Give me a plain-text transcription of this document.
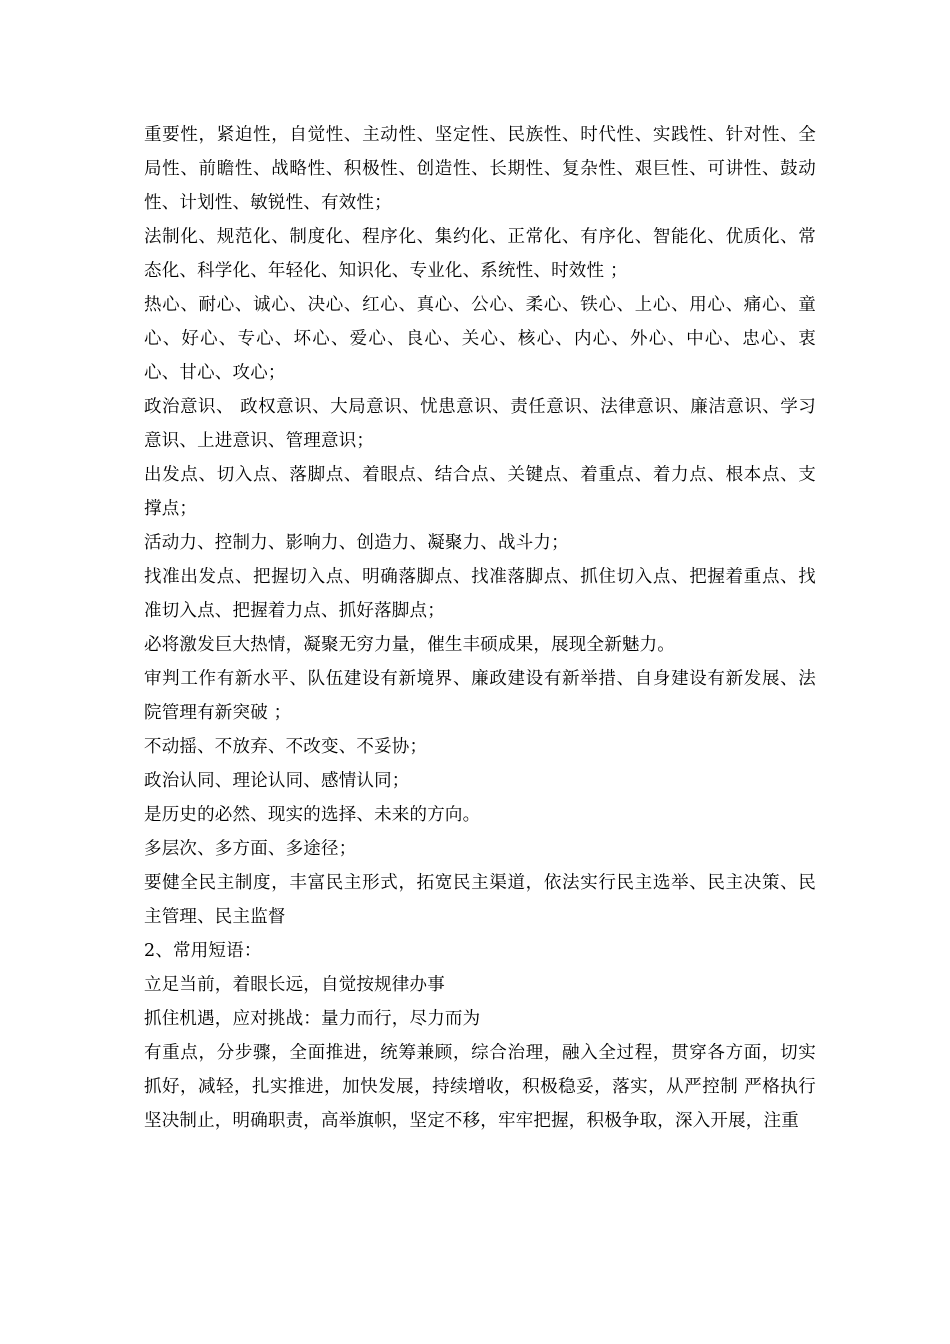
重要性，紧迫性，自觉性、主动性、坚定性、民族性、时代性、实践性、针对性、全局性、前瞻性、战略性、积极性、创造性、长期性、复杂性、艰巨性、可讲性、鼓动性、计划性、敏锐性、有效性；

法制化、规范化、制度化、程序化、集约化、正常化、有序化、智能化、优质化、常态化、科学化、年轻化、知识化、专业化、系统性、时效性 ；

热心、耐心、诚心、决心、红心、真心、公心、柔心、铁心、上心、用心、痛心、童心、好心、专心、坏心、爱心、良心、关心、核心、内心、外心、中心、忠心、衷心、甘心、攻心；

政治意识、 政权意识、大局意识、忧患意识、责任意识、法律意识、廉洁意识、学习意识、上进意识、管理意识；

出发点、切入点、落脚点、着眼点、结合点、关键点、着重点、着力点、根本点、支撑点；

活动力、控制力、影响力、创造力、凝聚力、战斗力；

找准出发点、把握切入点、明确落脚点、找准落脚点、抓住切入点、把握着重点、找准切入点、把握着力点、抓好落脚点；

必将激发巨大热情，凝聚无穷力量，催生丰硕成果，展现全新魅力。

审判工作有新水平、队伍建设有新境界、廉政建设有新举措、自身建设有新发展、法院管理有新突破 ；

不动摇、不放弃、不改变、不妥协；

政治认同、理论认同、感情认同；

是历史的必然、现实的选择、未来的方向。

多层次、多方面、多途径；

要健全民主制度，丰富民主形式，拓宽民主渠道，依法实行民主选举、民主决策、民主管理、民主监督

2、常用短语：

立足当前，着眼长远，自觉按规律办事

抓住机遇，应对挑战：量力而行，尽力而为

有重点，分步骤，全面推进，统筹兼顾，综合治理，融入全过程，贯穿各方面，切实抓好，减轻，扎实推进，加快发展，持续增收，积极稳妥，落实，从严控制 严格执行坚决制止，明确职责，高举旗帜，坚定不移，牢牢把握，积极争取，深入开展，注重
